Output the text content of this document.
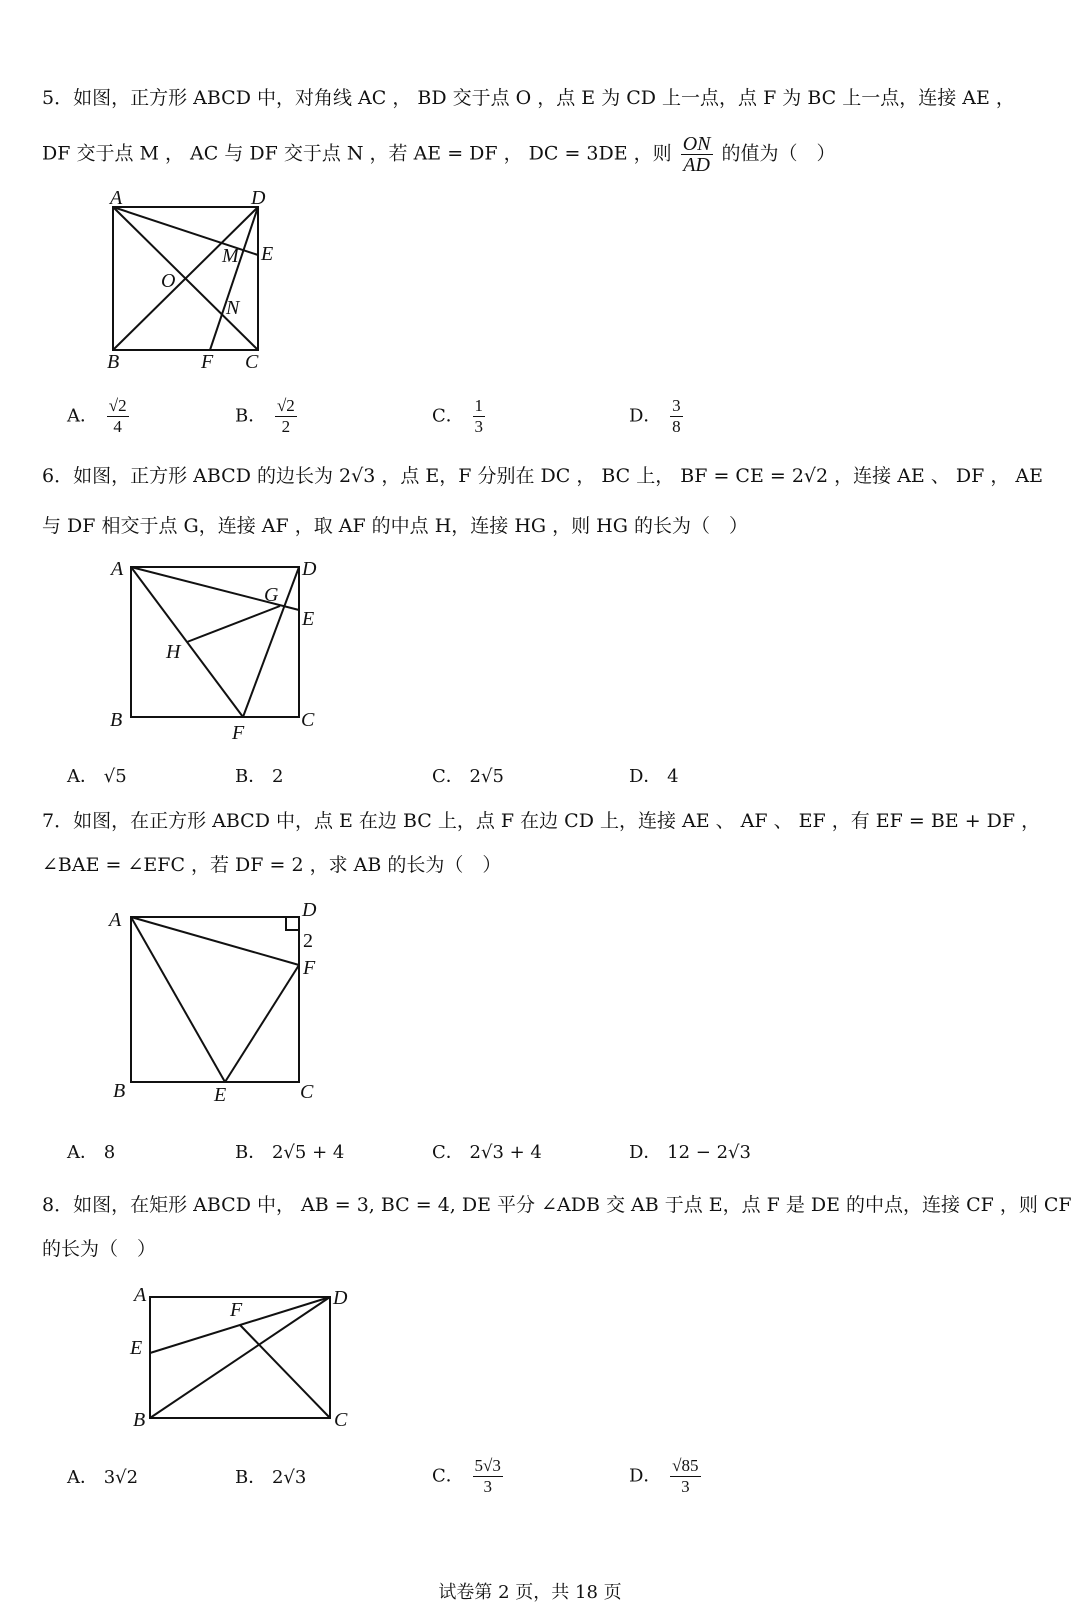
5．如图，正方形 ABCD 中，对角线 AC ， BD 交于点 O ，点 E 为 CD 上一点，点 F 为 BC 上一点，连接 AE ，
DF 交于点 M ， AC 与 DF 交于点 N ，若 AE = DF ， DC = 3DE ，则 $\frac{ON}{AD}$ 的值为（　）
A	D
E
M
O
N
B	F C
A	D
G
E
H
B
F
C
A	D
2
F
B	E	C
A
F
D
E
B	C
A． $\frac{√2}{4}$	B． $\frac{√2}{2}$	C． $\frac{1}{3}$	D． $\frac{3}{8}$
6．如图，正方形 ABCD 的边长为 2√3 ，点 E，F 分别在 DC ， BC 上， BF = CE = 2√2 ，连接 AE 、 DF ， AE
与 DF 相交于点 G，连接 AF ，取 AF 的中点 H，连接 HG ，则 HG 的长为（　）
A． √5	B． 2	C． 2√5	D． 4
7．如图，在正方形 ABCD 中，点 E 在边 BC 上，点 F 在边 CD 上，连接 AE 、 AF 、 EF ，有 EF = BE + DF ，
∠BAE = ∠EFC ，若 DF = 2 ，求 AB 的长为（　）
A． 8	B． 2√5 + 4	C． 2√3 + 4	D． 12 − 2√3
8．如图，在矩形 ABCD 中， AB = 3, BC = 4, DE 平分 ∠ADB 交 AB 于点 E，点 F 是 DE 的中点，连接 CF ，则 CF
的长为（　）
A． 3√2	B． 2√3	C． $\frac{5√3}{3}$	D． $\frac{√85}{3}$
试卷第 2 页，共 18 页
